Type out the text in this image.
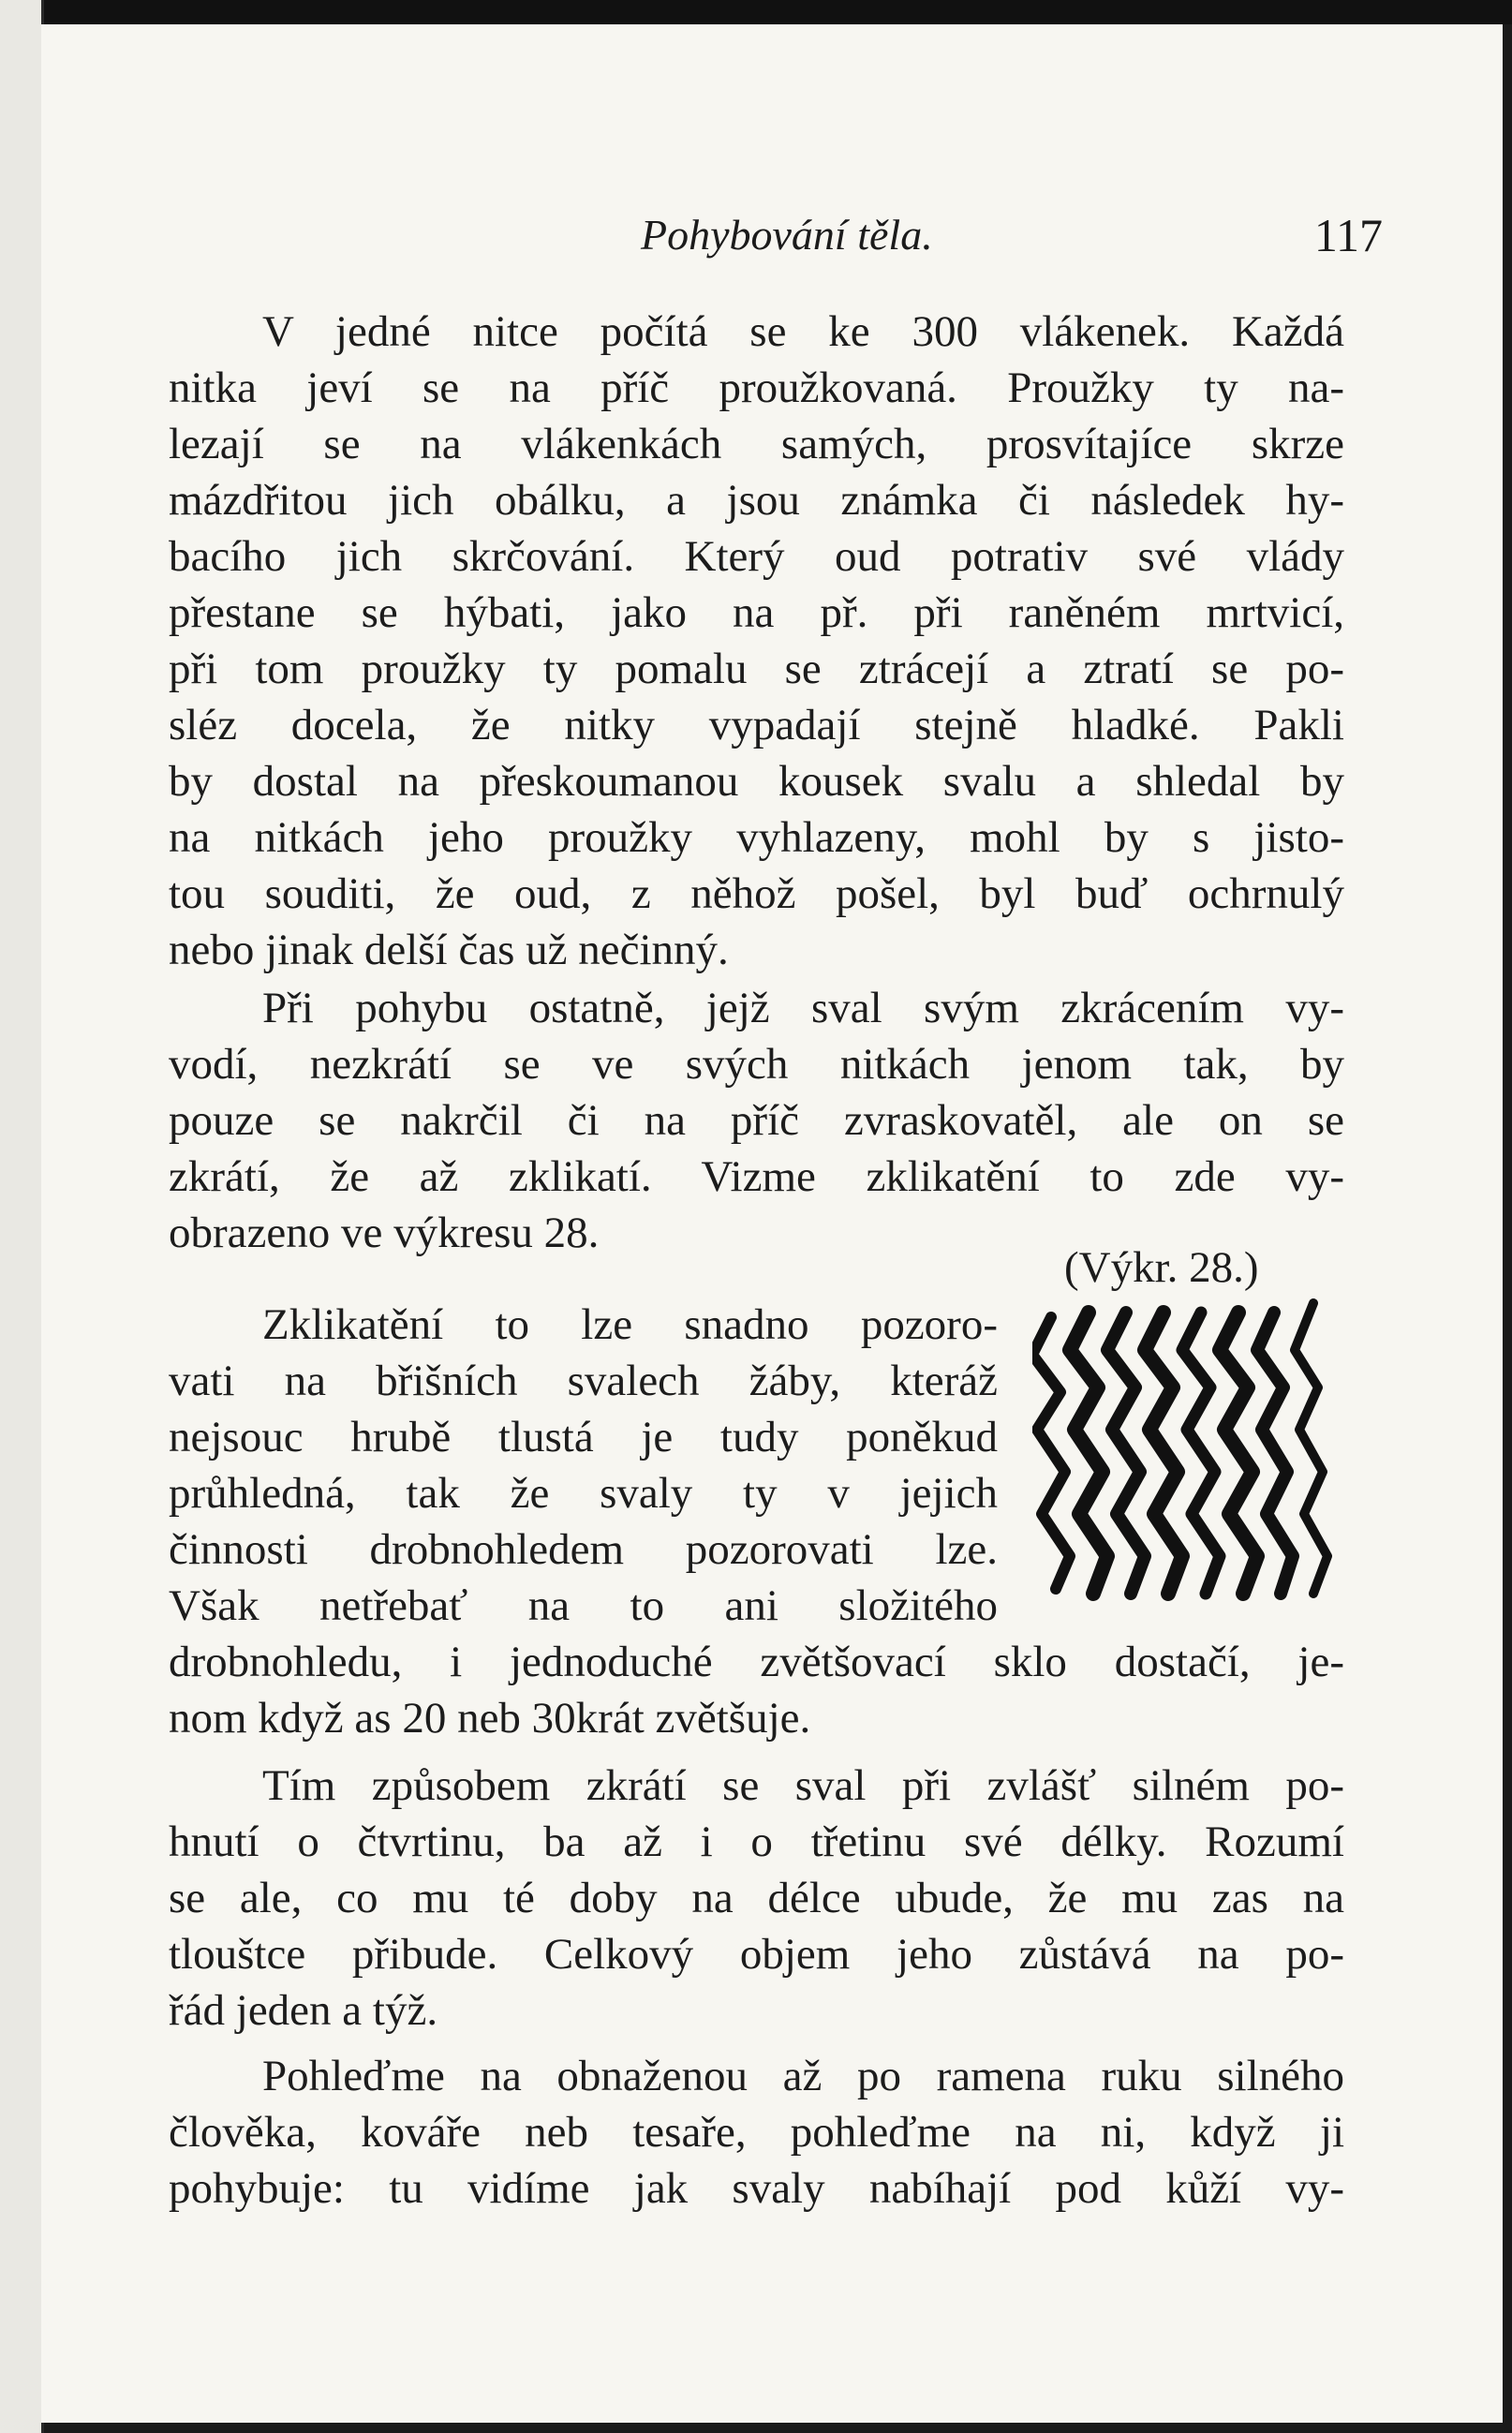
Pohybování těla.	117
V jedné nitce počítá se ke 300 vlákenek. Každá
nitka jeví se na příč proužkovaná. Proužky ty na-
lezají se na vlákenkách samých, prosvítajíce skrze
mázdřitou jich obálku, a jsou známka či následek hy-
bacího jich skrčování. Který oud potrativ své vlády
přestane se hýbati, jako na př. při raněném mrtvicí,
při tom proužky ty pomalu se ztrácejí a ztratí se po-
sléz docela, že nitky vypadají stejně hladké. Pakli
by dostal na přeskoumanou kousek svalu a shledal by
na nitkách jeho proužky vyhlazeny, mohl by s jisto-
tou souditi, že oud, z něhož pošel, byl buď ochrnulý
nebo jinak delší čas už nečinný.
Při pohybu ostatně, jejž sval svým zkrácením vy-
vodí, nezkrátí se ve svých nitkách jenom tak, by
pouze se nakrčil či na příč zvraskovatěl, ale on se
zkrátí, že až zklikatí. Vizme zklikatění to zde vy-
obrazeno ve výkresu 28.
(Výkr. 28.)
Zklikatění to lze snadno pozoro-
vati na břišních svalech žáby, kteráž
nejsouc hrubě tlustá je tudy poněkud
průhledná, tak že svaly ty v jejich
činnosti drobnohledem pozorovati lze.
Však netřebať na to ani složitého
drobnohledu, i jednoduché zvětšovací sklo dostačí, je-
nom když as 20 neb 30krát zvětšuje.
Tím způsobem zkrátí se sval při zvlášť silném po-
hnutí o čtvrtinu, ba až i o třetinu své délky. Rozumí
se ale, co mu té doby na délce ubude, že mu zas na
tlouštce přibude. Celkový objem jeho zůstává na po-
řád jeden a týž.
Pohleďme na obnaženou až po ramena ruku silného
člověka, kováře neb tesaře, pohleďme na ni, když ji
pohybuje: tu vidíme jak svaly nabíhají pod kůží vy-
